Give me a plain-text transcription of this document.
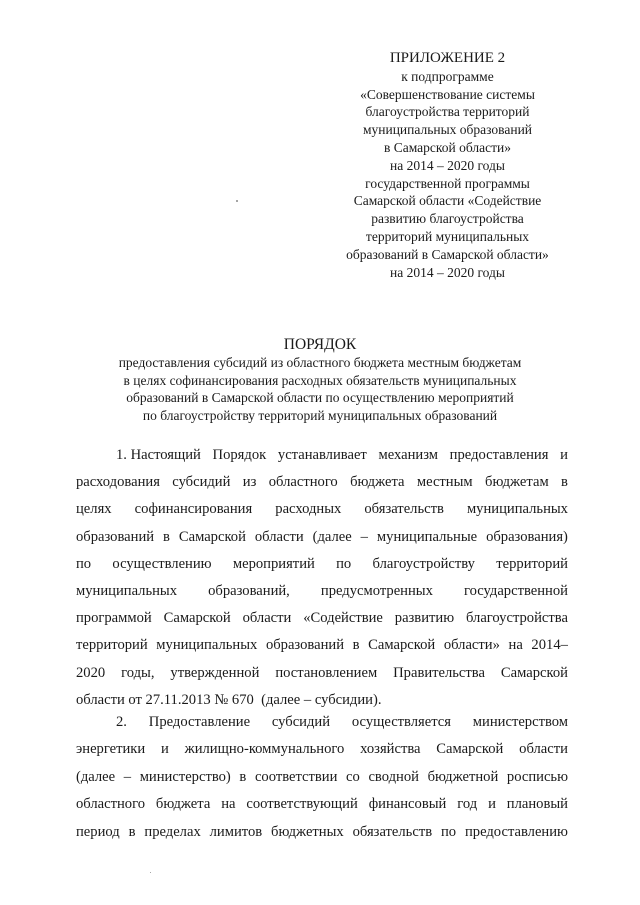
ПРИЛОЖЕНИЕ 2
к подпрограмме
«Совершенствование системы
благоустройства территорий
муниципальных образований
в Самарской области»
на 2014 – 2020 годы
государственной программы
Самарской области «Содействие
развитию благоустройства
территорий муниципальных
образований в Самарской области»
на 2014 – 2020 годы
ПОРЯДОК
предоставления субсидий из областного бюджета местным бюджетам
в целях софинансирования расходных обязательств муниципальных
образований в Самарской области по осуществлению мероприятий
по благоустройству территорий муниципальных образований
1. Настоящий Порядок устанавливает механизм предоставления и
расходования субсидий из областного бюджета местным бюджетам в
целях софинансирования расходных обязательств муниципальных
образований в Самарской области (далее – муниципальные образования)
по осуществлению мероприятий по благоустройству территорий
муниципальных образований, предусмотренных государственной
программой Самарской области «Содействие развитию благоустройства
территорий муниципальных образований в Самарской области» на 2014–
2020 годы, утвержденной постановлением Правительства Самарской
области от 27.11.2013 № 670  (далее – субсидии).
2. Предоставление субсидий осуществляется министерством
энергетики и жилищно-коммунального хозяйства Самарской области
(далее – министерство) в соответствии со сводной бюджетной росписью
областного бюджета на соответствующий финансовый год и плановый
период в пределах лимитов бюджетных обязательств по предоставлению
